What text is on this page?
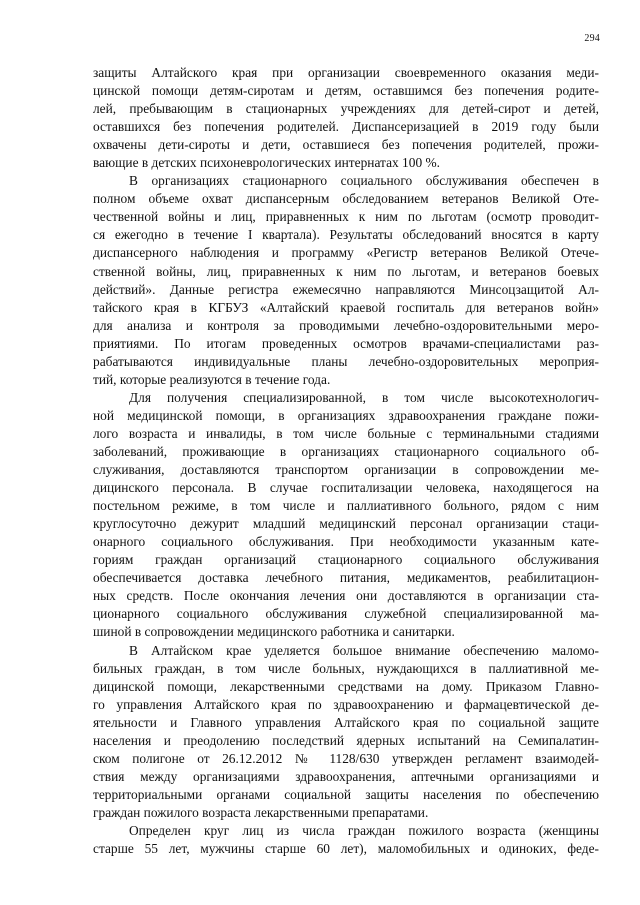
294
защиты Алтайского края при организации своевременного оказания меди-
цинской помощи детям-сиротам и детям, оставшимся без попечения родите-
лей, пребывающим в стационарных учреждениях для детей-сирот и детей,
оставшихся без попечения родителей. Диспансеризацией в 2019 году были
охвачены дети-сироты и дети, оставшиеся без попечения родителей, прожи-
вающие в детских психоневрологических интернатах 100 %.
В организациях стационарного социального обслуживания обеспечен в
полном объеме охват диспансерным обследованием ветеранов Великой Оте-
чественной войны и лиц, приравненных к ним по льготам (осмотр проводит-
ся ежегодно в течение I квартала). Результаты обследований вносятся в карту
диспансерного наблюдения и программу «Регистр ветеранов Великой Отече-
ственной войны, лиц, приравненных к ним по льготам, и ветеранов боевых
действий». Данные регистра ежемесячно направляются Минсоцзащитой Ал-
тайского края в КГБУЗ «Алтайский краевой госпиталь для ветеранов войн»
для анализа и контроля за проводимыми лечебно-оздоровительными меро-
приятиями. По итогам проведенных осмотров врачами-специалистами раз-
рабатываются индивидуальные планы лечебно-оздоровительных мероприя-
тий, которые реализуются в течение года.
Для получения специализированной, в том числе высокотехнологич-
ной медицинской помощи, в организациях здравоохранения граждане пожи-
лого возраста и инвалиды, в том числе больные с терминальными стадиями
заболеваний, проживающие в организациях стационарного социального об-
служивания, доставляются транспортом организации в сопровождении ме-
дицинского персонала. В случае госпитализации человека, находящегося на
постельном режиме, в том числе и паллиативного больного, рядом с ним
круглосуточно дежурит младший медицинский персонал организации стаци-
онарного социального обслуживания. При необходимости указанным кате-
гориям граждан организаций стационарного социального обслуживания
обеспечивается доставка лечебного питания, медикаментов, реабилитацион-
ных средств. После окончания лечения они доставляются в организации ста-
ционарного социального обслуживания служебной специализированной ма-
шиной в сопровождении медицинского работника и санитарки.
В Алтайском крае уделяется большое внимание обеспечению маломо-
бильных граждан, в том числе больных, нуждающихся в паллиативной ме-
дицинской помощи, лекарственными средствами на дому. Приказом Главно-
го управления Алтайского края по здравоохранению и фармацевтической де-
ятельности и Главного управления Алтайского края по социальной защите
населения и преодолению последствий ядерных испытаний на Семипалатин-
ском полигоне от 26.12.2012 № 1128/630 утвержден регламент взаимодей-
ствия между организациями здравоохранения, аптечными организациями и
территориальными органами социальной защиты населения по обеспечению
граждан пожилого возраста лекарственными препаратами.
Определен круг лиц из числа граждан пожилого возраста (женщины
старше 55 лет, мужчины старше 60 лет), маломобильных и одиноких, феде-
